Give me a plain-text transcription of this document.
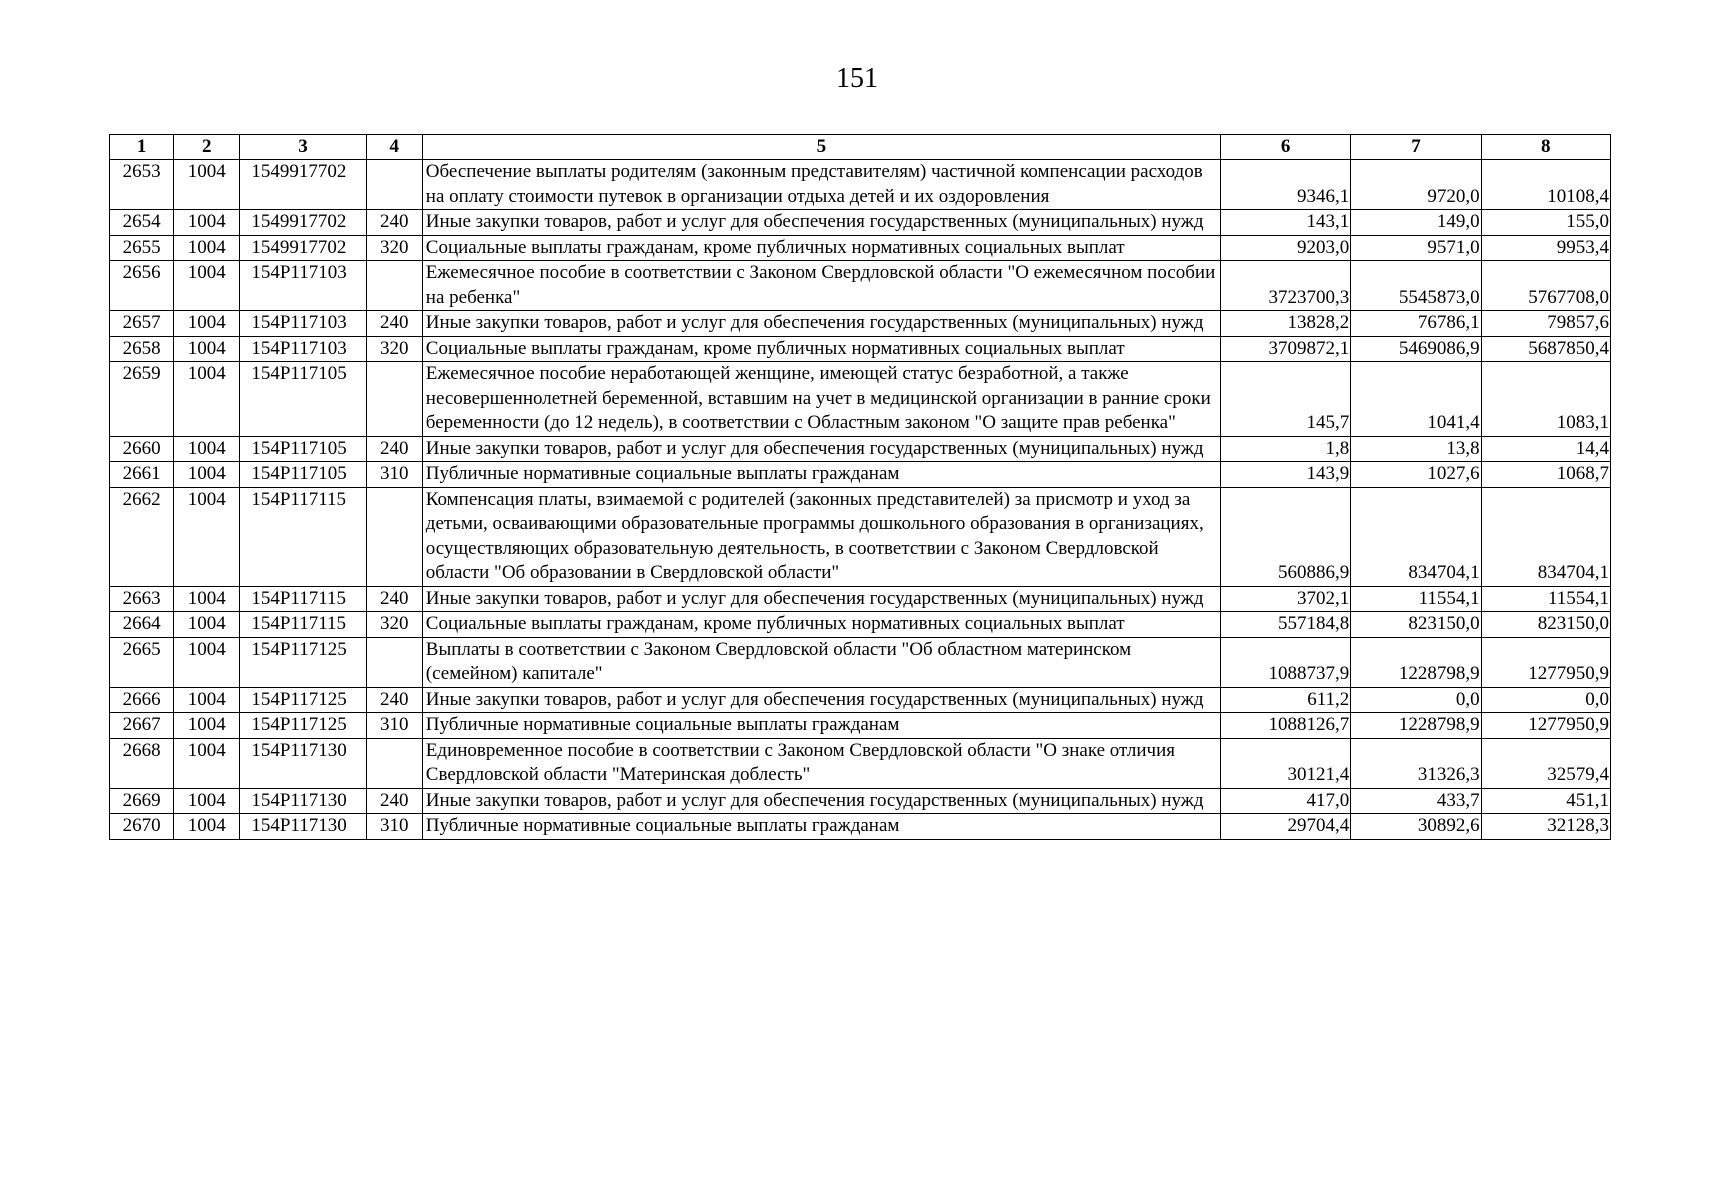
151
1	2	3	4	5	6	7	8
2653	1004	1549917702		Обеспечение выплаты родителям (законным представителям) частичной компенсации расходов на оплату стоимости путевок в организации отдыха детей и их оздоровления	9346,1	9720,0	10108,4
2654	1004	1549917702	240	Иные закупки товаров, работ и услуг для обеспечения государственных (муниципальных) нужд	143,1	149,0	155,0
2655	1004	1549917702	320	Социальные выплаты гражданам, кроме публичных нормативных социальных выплат	9203,0	9571,0	9953,4
2656	1004	154P117103		Ежемесячное пособие в соответствии с Законом Свердловской области "О ежемесячном пособии на ребенка"	3723700,3	5545873,0	5767708,0
2657	1004	154P117103	240	Иные закупки товаров, работ и услуг для обеспечения государственных (муниципальных) нужд	13828,2	76786,1	79857,6
2658	1004	154P117103	320	Социальные выплаты гражданам, кроме публичных нормативных социальных выплат	3709872,1	5469086,9	5687850,4
2659	1004	154P117105		Ежемесячное пособие неработающей женщине, имеющей статус безработной, а также несовершеннолетней беременной, вставшим на учет в медицинской организации в ранние сроки беременности (до 12 недель), в соответствии с Областным законом "О защите прав ребенка"	145,7	1041,4	1083,1
2660	1004	154P117105	240	Иные закупки товаров, работ и услуг для обеспечения государственных (муниципальных) нужд	1,8	13,8	14,4
2661	1004	154P117105	310	Публичные нормативные социальные выплаты гражданам	143,9	1027,6	1068,7
2662	1004	154P117115		Компенсация платы, взимаемой с родителей (законных представителей) за присмотр и уход за детьми, осваивающими образовательные программы дошкольного образования в организациях, осуществляющих образовательную деятельность, в соответствии с Законом Свердловской области "Об образовании в Свердловской области"	560886,9	834704,1	834704,1
2663	1004	154P117115	240	Иные закупки товаров, работ и услуг для обеспечения государственных (муниципальных) нужд	3702,1	11554,1	11554,1
2664	1004	154P117115	320	Социальные выплаты гражданам, кроме публичных нормативных социальных выплат	557184,8	823150,0	823150,0
2665	1004	154P117125		Выплаты в соответствии с Законом Свердловской области "Об областном материнском (семейном) капитале"	1088737,9	1228798,9	1277950,9
2666	1004	154P117125	240	Иные закупки товаров, работ и услуг для обеспечения государственных (муниципальных) нужд	611,2	0,0	0,0
2667	1004	154P117125	310	Публичные нормативные социальные выплаты гражданам	1088126,7	1228798,9	1277950,9
2668	1004	154P117130		Единовременное пособие в соответствии с Законом Свердловской области "О знаке отличия Свердловской области "Материнская доблесть"	30121,4	31326,3	32579,4
2669	1004	154P117130	240	Иные закупки товаров, работ и услуг для обеспечения государственных (муниципальных) нужд	417,0	433,7	451,1
2670	1004	154P117130	310	Публичные нормативные социальные выплаты гражданам	29704,4	30892,6	32128,3
